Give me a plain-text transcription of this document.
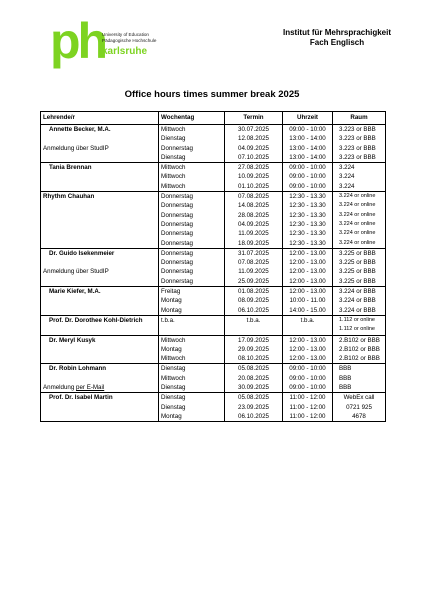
ph
University of Education
Pädagogische Hochschule
karlsruhe
Institut für Mehrsprachigkeit
Fach Englisch
Office hours times summer break 2025
Lehrende/r	Wochentag	Termin	Uhrzeit	Raum
Annette Becker, M.A.	Mittwoch	30.07.2025	09:00 - 10:00	3.223 or BBB
	Dienstag	12.08.2025	13:00 - 14:00	3.223 or BBB
Anmeldung über StudIP	Donnerstag	04.09.2025	13:00 - 14:00	3.223 or BBB
	Dienstag	07.10.2025	13:00 - 14:00	3.223 or BBB
Tania Brennan	Mittwoch	27.08.2025	09:00 - 10:00	3.224
	Mittwoch	10.09.2025	09:00 - 10:00	3.224
	Mittwoch	01.10.2025	09:00 - 10:00	3.224
Rhythm Chauhan	Donnerstag	07.08.2025	12:30 - 13.30	3.224 or online
	Donnerstag	14.08.2025	12:30 - 13.30	3.224 or online
	Donnerstag	28.08.2025	12:30 - 13.30	3.224 or online
	Donnerstag	04.09.2025	12:30 - 13.30	3.224 or online
	Donnerstag	11.09.2025	12:30 - 13.30	3.224 or online
	Donnerstag	18.09.2025	12:30 - 13.30	3.224 or online
Dr. Guido Isekenmeier	Donnerstag	31.07.2025	12:00 - 13.00	3.225 or BBB
	Donnerstag	07.08.2025	12:00 - 13.00	3.225 or BBB
Anmeldung über StudIP	Donnerstag	11.09.2025	12:00 - 13.00	3.225 or BBB
	Donnerstag	25.09.2025	12:00 - 13.00	3.225 or BBB
Marie Kiefer, M.A.	Freitag	01.08.2025	12:00 - 13.00	3.224 or BBB
	Montag	08.09.2025	10:00 - 11.00	3.224 or BBB
	Montag	06.10.2025	14:00 - 15.00	3.224 or BBB
Prof. Dr. Dorothee Kohl-Dietrich	t.b.a.	t.b.a.	t.b.a.	1.112 or online
				1.112 or online
Dr. Meryl Kusyk	Mittwoch	17.09.2025	12:00 - 13.00	2.B102 or BBB
	Montag	29.09.2025	12:00 - 13.00	2.B102 or BBB
	Mittwoch	08.10.2025	12:00 - 13.00	2.B102 or BBB
Dr. Robin Lohmann	Dienstag	05.08.2025	09:00 - 10:00	BBB
	Mittwoch	20.08.2025	09:00 - 10:00	BBB
Anmeldung per E-Mail	Dienstag	30.09.2025	09:00 - 10:00	BBB
Prof. Dr. Isabel Martin	Dienstag	05.08.2025	11:00 - 12:00	WebEx call
	Dienstag	23.09.2025	11:00 - 12:00	0721 925
	Montag	06.10.2025	11:00 - 12:00	4678
